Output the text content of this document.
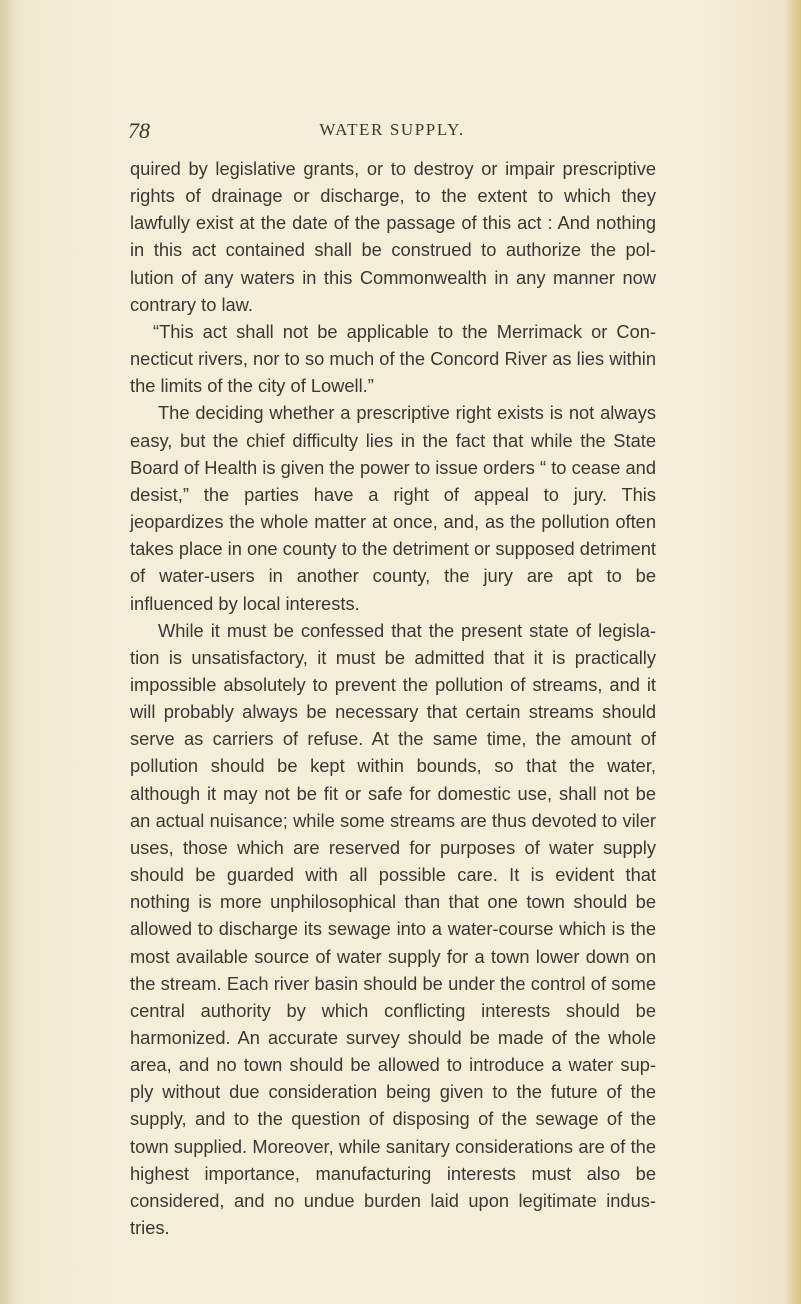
78	WATER SUPPLY.

quired by legislative grants, or to destroy or impair prescriptive rights of drainage or discharge, to the extent to which they lawfully exist at the date of the passage of this act : And nothing in this act contained shall be construed to authorize the pol- lution of any waters in this Commonwealth in any manner now contrary to law.

“This act shall not be applicable to the Merrimack or Con- necticut rivers, nor to so much of the Concord River as lies within the limits of the city of Lowell.”

The deciding whether a prescriptive right exists is not always easy, but the chief difficulty lies in the fact that while the State Board of Health is given the power to issue orders “ to cease and desist,” the parties have a right of appeal to jury. This jeopardizes the whole matter at once, and, as the pollution often takes place in one county to the detriment or supposed detriment of water-users in another county, the jury are apt to be influenced by local interests.

While it must be confessed that the present state of legisla- tion is unsatisfactory, it must be admitted that it is practically impossible absolutely to prevent the pollution of streams, and it will probably always be necessary that certain streams should serve as carriers of refuse. At the same time, the amount of pollution should be kept within bounds, so that the water, although it may not be fit or safe for domestic use, shall not be an actual nuisance; while some streams are thus devoted to viler uses, those which are reserved for purposes of water supply should be guarded with all possible care. It is evident that nothing is more unphilosophical than that one town should be allowed to discharge its sewage into a water-course which is the most available source of water supply for a town lower down on the stream. Each river basin should be under the control of some central authority by which conflicting interests should be harmonized. An accurate survey should be made of the whole area, and no town should be allowed to introduce a water sup- ply without due consideration being given to the future of the supply, and to the question of disposing of the sewage of the town supplied. Moreover, while sanitary considerations are of the highest importance, manufacturing interests must also be considered, and no undue burden laid upon legitimate indus- tries.
